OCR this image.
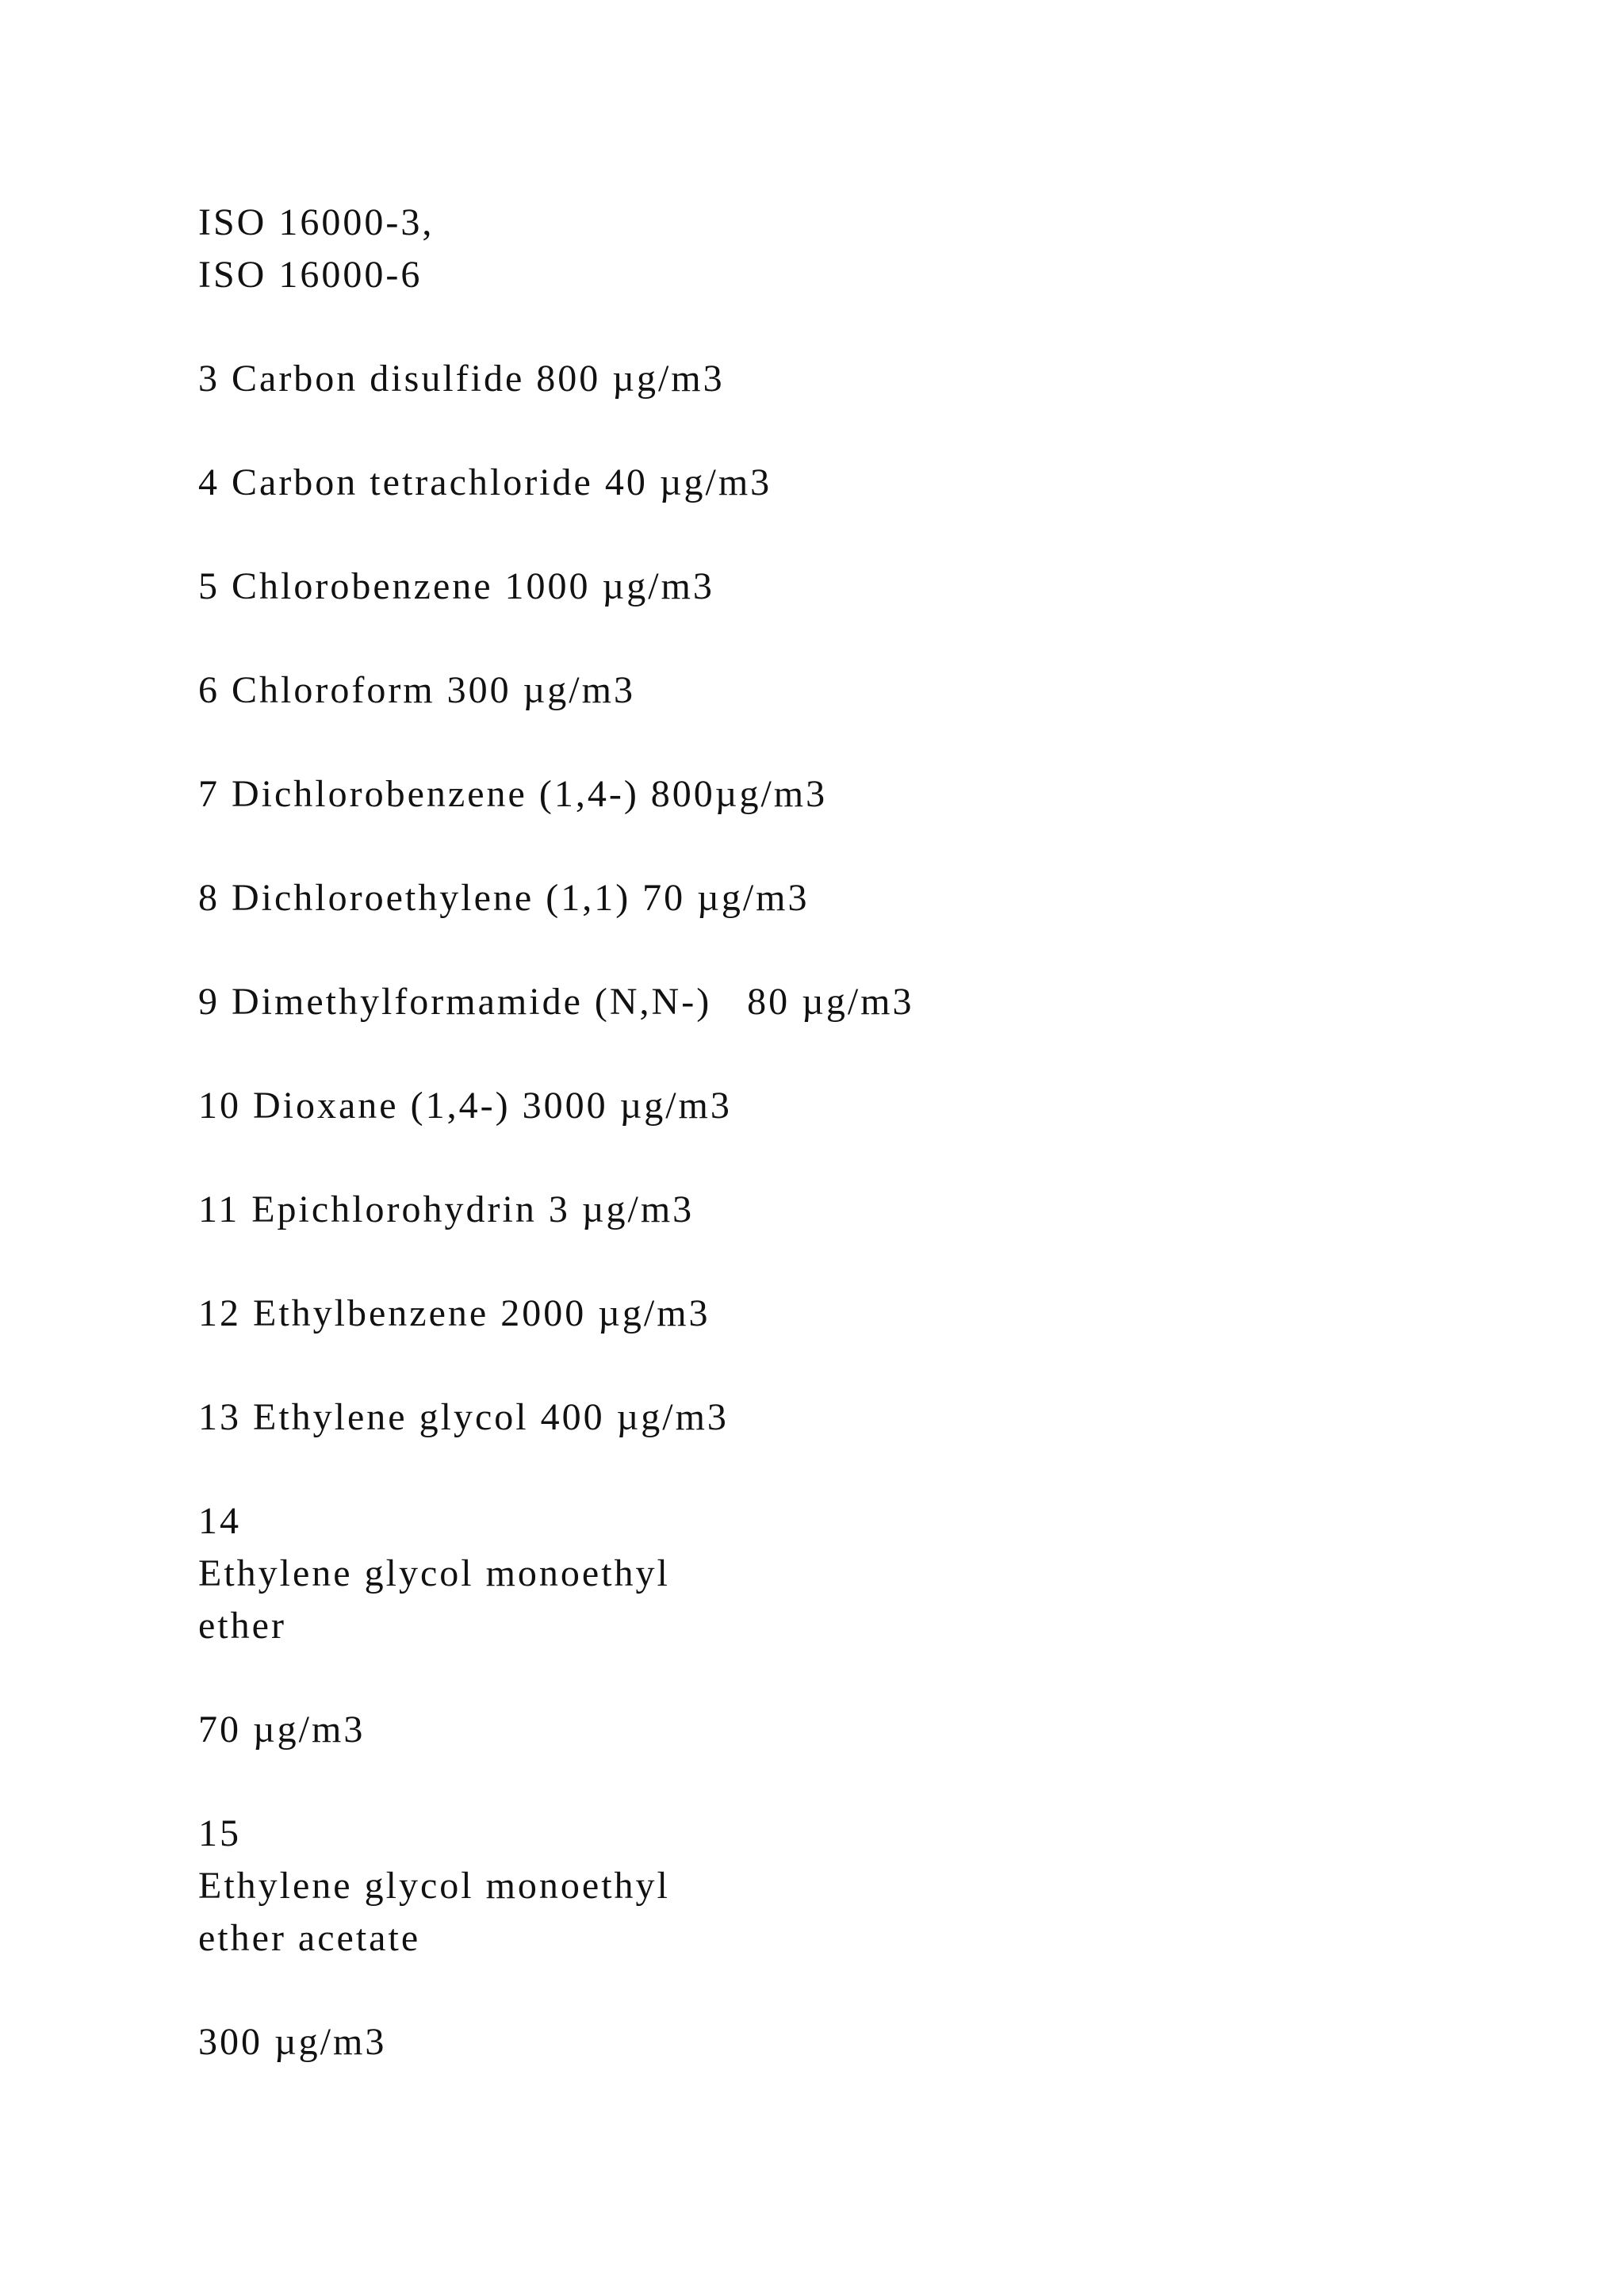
ISO 16000-3,

ISO 16000-6

3 Carbon disulfide 800 µg/m3

4 Carbon tetrachloride 40 µg/m3

5 Chlorobenzene 1000 µg/m3

6 Chloroform 300 µg/m3

7 Dichlorobenzene (1,4-) 800µg/m3

8 Dichloroethylene (1,1) 70 µg/m3

9 Dimethylformamide (N,N-)   80 µg/m3

10 Dioxane (1,4-) 3000 µg/m3

11 Epichlorohydrin 3 µg/m3

12 Ethylbenzene 2000 µg/m3

13 Ethylene glycol 400 µg/m3

14

Ethylene glycol monoethyl

ether

70 µg/m3

15

Ethylene glycol monoethyl

ether acetate

300 µg/m3
